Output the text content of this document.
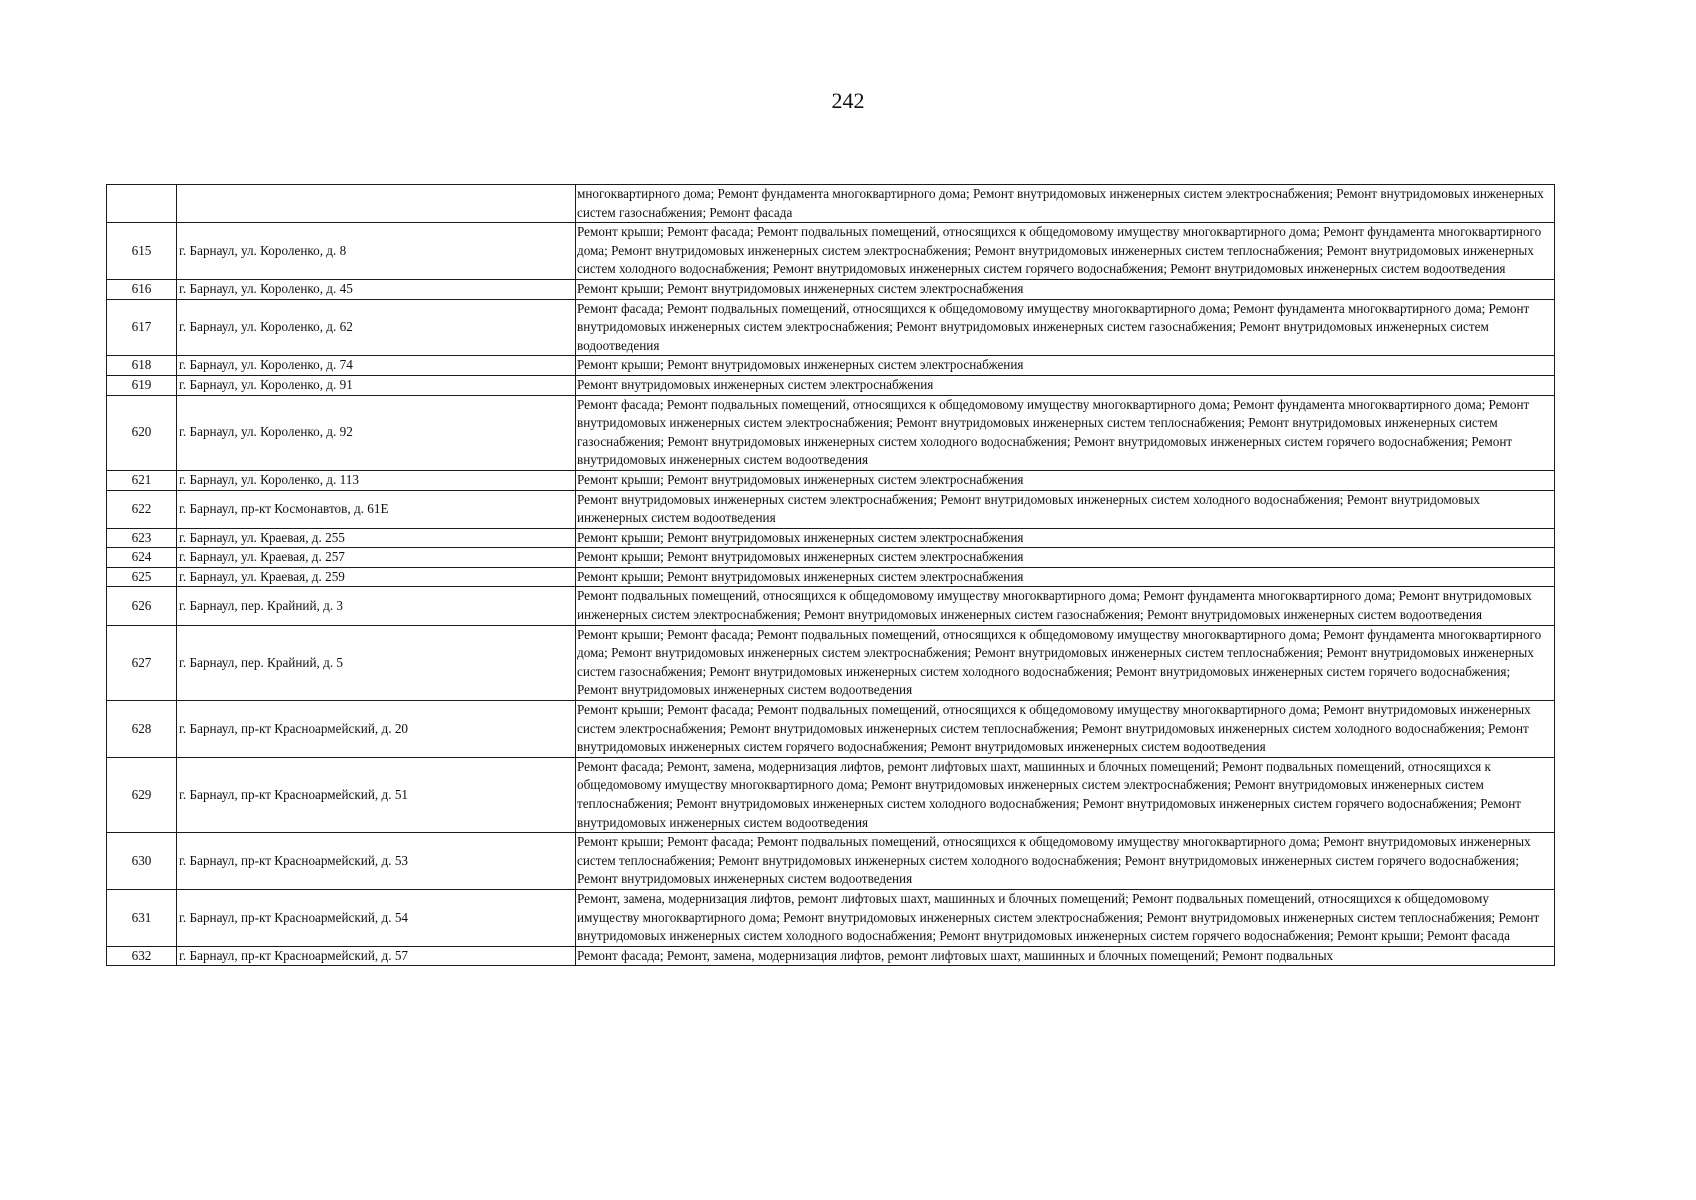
242
		многоквартирного дома; Ремонт фундамента многоквартирного дома; Ремонт внутридомовых инженерных систем электроснабжения; Ремонт внутридомовых инженерных систем газоснабжения; Ремонт фасада
615	г. Барнаул, ул. Короленко, д. 8	Ремонт крыши; Ремонт фасада; Ремонт подвальных помещений, относящихся к общедомовому имуществу многоквартирного дома; Ремонт фундамента многоквартирного дома; Ремонт внутридомовых инженерных систем электроснабжения; Ремонт внутридомовых инженерных систем теплоснабжения; Ремонт внутридомовых инженерных систем холодного водоснабжения; Ремонт внутридомовых инженерных систем горячего водоснабжения; Ремонт внутридомовых инженерных систем водоотведения
616	г. Барнаул, ул. Короленко, д. 45	Ремонт крыши; Ремонт внутридомовых инженерных систем электроснабжения
617	г. Барнаул, ул. Короленко, д. 62	Ремонт фасада; Ремонт подвальных помещений, относящихся к общедомовому имуществу многоквартирного дома; Ремонт фундамента многоквартирного дома; Ремонт внутридомовых инженерных систем электроснабжения; Ремонт внутридомовых инженерных систем газоснабжения; Ремонт внутридомовых инженерных систем водоотведения
618	г. Барнаул, ул. Короленко, д. 74	Ремонт крыши; Ремонт внутридомовых инженерных систем электроснабжения
619	г. Барнаул, ул. Короленко, д. 91	Ремонт внутридомовых инженерных систем электроснабжения
620	г. Барнаул, ул. Короленко, д. 92	Ремонт фасада; Ремонт подвальных помещений, относящихся к общедомовому имуществу многоквартирного дома; Ремонт фундамента многоквартирного дома; Ремонт внутридомовых инженерных систем электроснабжения; Ремонт внутридомовых инженерных систем теплоснабжения; Ремонт внутридомовых инженерных систем газоснабжения; Ремонт внутридомовых инженерных систем холодного водоснабжения; Ремонт внутридомовых инженерных систем горячего водоснабжения; Ремонт внутридомовых инженерных систем водоотведения
621	г. Барнаул, ул. Короленко, д. 113	Ремонт крыши; Ремонт внутридомовых инженерных систем электроснабжения
622	г. Барнаул, пр-кт Космонавтов, д. 61Е	Ремонт внутридомовых инженерных систем электроснабжения; Ремонт внутридомовых инженерных систем холодного водоснабжения; Ремонт внутридомовых инженерных систем водоотведения
623	г. Барнаул, ул. Краевая, д. 255	Ремонт крыши; Ремонт внутридомовых инженерных систем электроснабжения
624	г. Барнаул, ул. Краевая, д. 257	Ремонт крыши; Ремонт внутридомовых инженерных систем электроснабжения
625	г. Барнаул, ул. Краевая, д. 259	Ремонт крыши; Ремонт внутридомовых инженерных систем электроснабжения
626	г. Барнаул, пер. Крайний, д. 3	Ремонт подвальных помещений, относящихся к общедомовому имуществу многоквартирного дома; Ремонт фундамента многоквартирного дома; Ремонт внутридомовых инженерных систем электроснабжения; Ремонт внутридомовых инженерных систем газоснабжения; Ремонт внутридомовых инженерных систем водоотведения
627	г. Барнаул, пер. Крайний, д. 5	Ремонт крыши; Ремонт фасада; Ремонт подвальных помещений, относящихся к общедомовому имуществу многоквартирного дома; Ремонт фундамента многоквартирного дома; Ремонт внутридомовых инженерных систем электроснабжения; Ремонт внутридомовых инженерных систем теплоснабжения; Ремонт внутридомовых инженерных систем газоснабжения; Ремонт внутридомовых инженерных систем холодного водоснабжения; Ремонт внутридомовых инженерных систем горячего водоснабжения; Ремонт внутридомовых инженерных систем водоотведения
628	г. Барнаул, пр-кт Красноармейский, д. 20	Ремонт крыши; Ремонт фасада; Ремонт подвальных помещений, относящихся к общедомовому имуществу многоквартирного дома; Ремонт внутридомовых инженерных систем электроснабжения; Ремонт внутридомовых инженерных систем теплоснабжения; Ремонт внутридомовых инженерных систем холодного водоснабжения; Ремонт внутридомовых инженерных систем горячего водоснабжения; Ремонт внутридомовых инженерных систем водоотведения
629	г. Барнаул, пр-кт Красноармейский, д. 51	Ремонт фасада; Ремонт, замена, модернизация лифтов, ремонт лифтовых шахт, машинных и блочных помещений; Ремонт подвальных помещений, относящихся к общедомовому имуществу многоквартирного дома; Ремонт внутридомовых инженерных систем электроснабжения; Ремонт внутридомовых инженерных систем теплоснабжения; Ремонт внутридомовых инженерных систем холодного водоснабжения; Ремонт внутридомовых инженерных систем горячего водоснабжения; Ремонт внутридомовых инженерных систем водоотведения
630	г. Барнаул, пр-кт Красноармейский, д. 53	Ремонт крыши; Ремонт фасада; Ремонт подвальных помещений, относящихся к общедомовому имуществу многоквартирного дома; Ремонт внутридомовых инженерных систем теплоснабжения; Ремонт внутридомовых инженерных систем холодного водоснабжения; Ремонт внутридомовых инженерных систем горячего водоснабжения; Ремонт внутридомовых инженерных систем водоотведения
631	г. Барнаул, пр-кт Красноармейский, д. 54	Ремонт, замена, модернизация лифтов, ремонт лифтовых шахт, машинных и блочных помещений; Ремонт подвальных помещений, относящихся к общедомовому имуществу многоквартирного дома; Ремонт внутридомовых инженерных систем электроснабжения; Ремонт внутридомовых инженерных систем теплоснабжения; Ремонт внутридомовых инженерных систем холодного водоснабжения; Ремонт внутридомовых инженерных систем горячего водоснабжения; Ремонт крыши; Ремонт фасада
632	г. Барнаул, пр-кт Красноармейский, д. 57	Ремонт фасада; Ремонт, замена, модернизация лифтов, ремонт лифтовых шахт, машинных и блочных помещений; Ремонт подвальных
